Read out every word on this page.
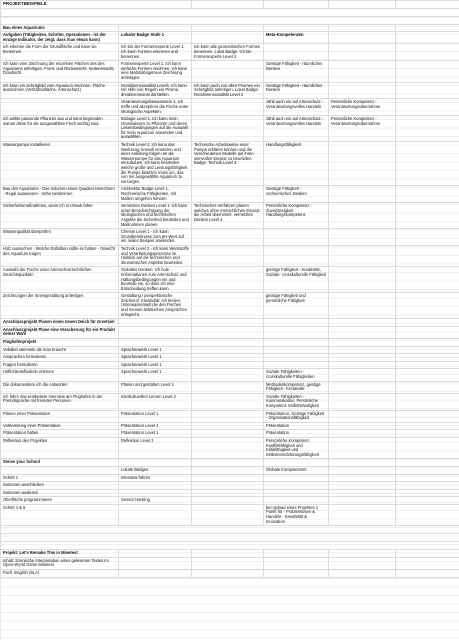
PROJEKTBEISPIELE					

Bau eines Aquariums					
Aufgaben (Tätigkeiten, Schritte, Operationen - ist der einzige Indikator, der zeigt, dass man etwas kann)	Lokaler Badge Stufe 1		Meta-Kompetenzen		
Ich erkenne die Form der Grundfläche und kann sie benennen.	Ich bin der Formenexperte Level 1: Ich kann Formen erkennen und benennen.	Ich kann alle geometrischen Formen benennen. Lokal Badge: Ich bin Formenexperte Level 2			
Ich kann eine Zeichnung der einzelnen Flächen des des Aquariums anfertigen, Front- und Rückansicht, Seitenansicht, Draufsicht	Formenexperte Level 1: Ich kann einfache Formen zeichnen. Ich kann eine Maßstabsgetreue Zeichnung anfertigen.		Geistige Fähigkeit - räumliches Denken		
Ich kann ein Schrägbild vom Aquarium zeichnen. Fläche ausrechnen (Verhältnisfläche, Artenschutz)	Dreidimensionalität Level1: Ich kann mit Hilfe von Regeln ein Prisma dreidimensional darstellen.	Ich kann auch von allen Prismen ein Schrägbild anfertigen. Lokal Badge: Dreidimensionalität Level 2	Geistige Fähigkeit - räumliches Denken		
	Verantwortungsbewusstsein 1: Ich treffe und akzeptiere die Fische unter ökologische Aspekten.		zählt auch ein auf Artenschutz - Verantwortungsvolles Handeln	Persönliche Kompetenz - Verantwortungsübernahme	
Ich wähle passende Pflanzen aus und kann begründen warum diese für die ausgewählten Fisch wichtig sind.	Biologie Level 1: Ich kann mein Grundwissen zu Pflanzen und deren Lebensbedingungen auf die Auswahl für mein Aquarium anwenden und auswählen.		zählt auch ein auf Artenschutz - Verantwortungsvolles Handeln	Persönliche Kompetenz - Verantwortungsübernahme	
Wasserpumpe installieren	Technik Level 2: Ich kann das Werkzeug sinnvoll einsetzen und einer Anleitung folgen um die Wasserpumpe für das Aquarium einzubauen. Ich kann beurteilen welche größe und Leistungsfähigkeit die Pumpe besitzen muss um, das von mir ausgewählte Aquarium zu versorgen.	Technische Arbeitsweise einer Pumpe erklären können und die Verschiedenen Modelle auf ihren sinnvollen Einsatz zu beurteilen. Badge: Technik Level 3	Handlungsfähigkeit		
Bau des Aquariums - Das Volumen eines Quaders berechnen - Regal auswessen - Höhe bestimmen	Architektur Badge Level 1, Rechnerische Fähigkeiten, mit Maßen umgehen können		Geistige Fähigkeit - rechnerisches Denken		
Sicherheitsmaßnahmen, wenn ich in Urlaub fahre	vernetztes Denken Level 1: Ich kann unter Berücksichtigung der ökologischen und technischen Aspekte die Sicherheit beurteilen und Maßnahmen planen.	Technisches Verfahren planen welches ohne menschlichen Einsatz die Arbeit übernimmt. vernetztes Denken Level 2	Persönliche Kompetenz - Zuverlässigkeit Handlungskompetenz		
Wasserqualität überprüfen	Chemie Level 1 - Ich kann Grundkenntnisse zum pH-Wert auf ein reales Beispiel anwenden.				
Holz aussuchen - Welche Eisfaßten sollte es haben - Gewicht des Aquarium tragen	Technik Level 2 - Ich kann Werkstoffe und Verarbeitungsprozesse im Hinblick auf die technischen und ökonomischen Aspekte beurteilen.				
Auswahl der Fische unter Artenschutzrechtlichen Gesichtspunkten	Globales Denken: Ich hole Imformationen zum Artenschutz und Haltungsbedingungen ein und beurteile sie, so dass ich eine Entscheidung treffen kann.		geistige Fähigkeit - Kreativität, Soziale- crosskulturelle Fähigkeit		
Zeichnungen der Innengestaltung anfertigen	Gestaltung / perspektivische Zeichnenl: Kreativität: Ich kreiere Unterwasserwelt die den Fischen und meinen ästetischen Ansprüchen entspricht.		geistige Fähigkeit und persönliche Fähigkeit		
Anschlussprojekt Planen einen neuen Deich für Greetsiel					
Anschlussprojekt Plane eine Veracherung für ein Produkt deiner Wahl					
Flughafenprojekt					
Vokabel sammeln die man braucht	Sprachenwerk Level 1				
Ansprachen formulieren	Sprachenwerk Level 1				
Fragen formulieren	Sprachenwerk Level 1				
Höflichkeitsfloskeln erlernen	Sprachenwerk Level 1		Soziale Fähigkeiten - crosskulturelle Fähigkeiten		
Die dokumentiere ich die Antworten	Planen und gestalten Level 1		Methodenkompetenz, geistige Fähigkeit - Kreativität		
Ich führe das erarbeitete Interview am Flughafen in der Fremdsprache mit fremden Personen	Interkulturelles Lernen Level 2		Soziale Fähigkeiten - Kommunikation, Persönliche Kompetenz Selbstständigkeit		
Planen einer Präsentation	Präsentation Level 1		Präsentation, Geistige Fähigkeit - Organisationsfähigkeit		
Vorbereitung einer Präsentation	Präsentation Level 1		Präsentation		
Präsentation halten	Präsentation Level 1		Präsentation		
Reflektion des Projektes	Reflektion Level 2		Persönliche Kompetenz Konfliktfähigkeit und Kritikfähigkeit und Selbsteinschätzungsfähigkeit		
Sense your School					
	Lokale Badges		Globale Kompetenzen		
Schritt 1	Interview führen				
Sensoren anschließen					
Sensoren auslesen					
Oberfläche programmieren	Sensor Hacking				
Schritt 4 & 5			bei Upload eines Projektes 1 Punkt für - Problemlösen & Handeln - Kreativität & Innovation		

Projekt: Let's Remake This in Minetest					
Inhalt: Szenische Interpretation eines gelesenen Textes im Open-World Game Minetest					
Fach: English (SLA)					
